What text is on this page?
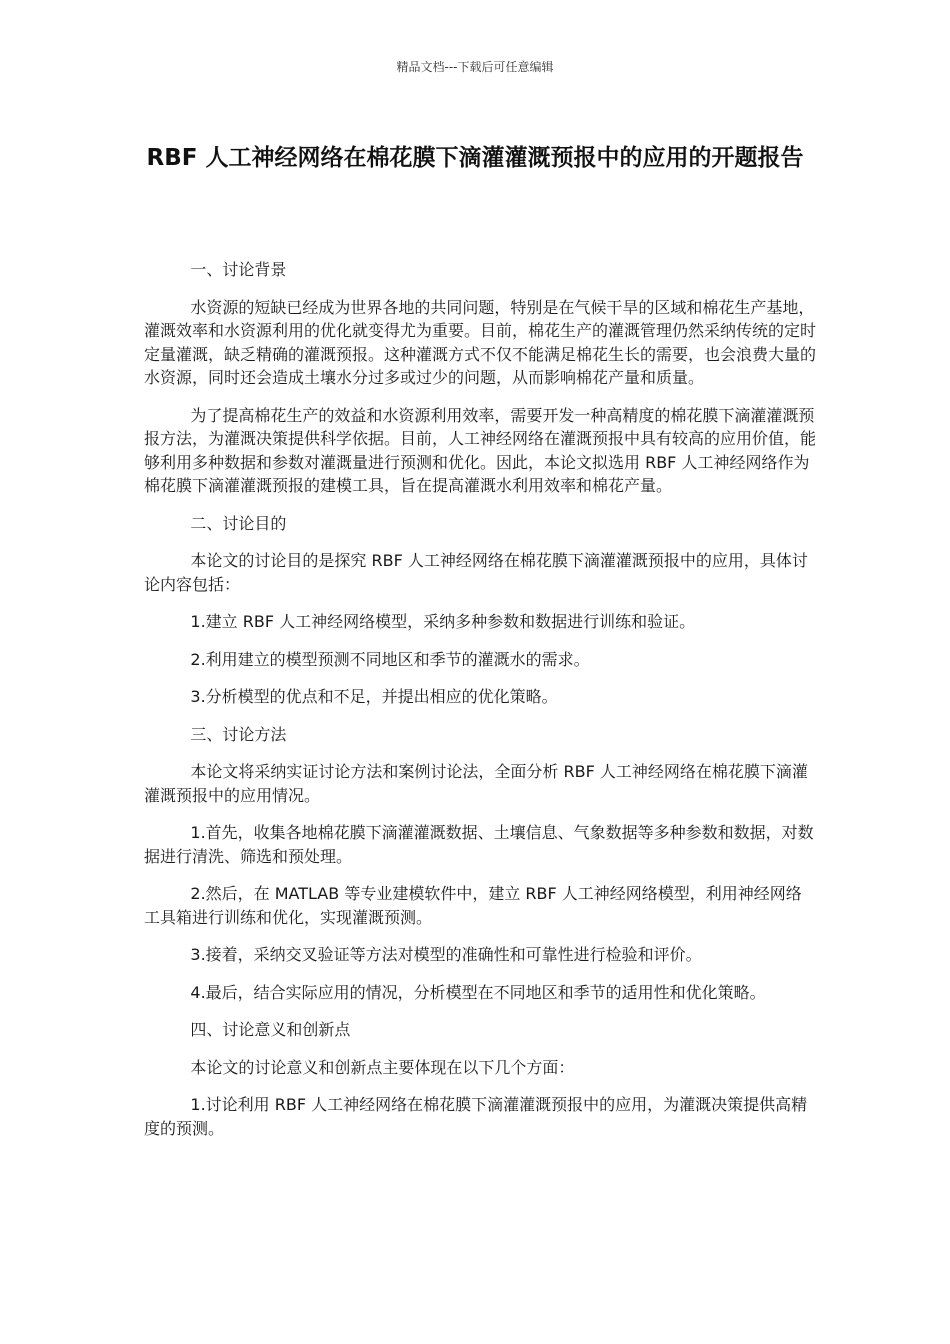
精品文档---下载后可任意编辑
RBF 人工神经网络在棉花膜下滴灌灌溉预报中的应用的开题报告

一、讨论背景

水资源的短缺已经成为世界各地的共同问题，特别是在气候干旱的区域和棉花生产基地，灌溉效率和水资源利用的优化就变得尤为重要。目前，棉花生产的灌溉管理仍然采纳传统的定时定量灌溉，缺乏精确的灌溉预报。这种灌溉方式不仅不能满足棉花生长的需要，也会浪费大量的水资源，同时还会造成土壤水分过多或过少的问题，从而影响棉花产量和质量。

为了提高棉花生产的效益和水资源利用效率，需要开发一种高精度的棉花膜下滴灌灌溉预报方法，为灌溉决策提供科学依据。目前，人工神经网络在灌溉预报中具有较高的应用价值，能够利用多种数据和参数对灌溉量进行预测和优化。因此，本论文拟选用 RBF 人工神经网络作为棉花膜下滴灌灌溉预报的建模工具，旨在提高灌溉水利用效率和棉花产量。

二、讨论目的

本论文的讨论目的是探究 RBF 人工神经网络在棉花膜下滴灌灌溉预报中的应用，具体讨论内容包括：

1.建立 RBF 人工神经网络模型，采纳多种参数和数据进行训练和验证。

2.利用建立的模型预测不同地区和季节的灌溉水的需求。

3.分析模型的优点和不足，并提出相应的优化策略。

三、讨论方法

本论文将采纳实证讨论方法和案例讨论法，全面分析 RBF 人工神经网络在棉花膜下滴灌灌溉预报中的应用情况。

1.首先，收集各地棉花膜下滴灌灌溉数据、土壤信息、气象数据等多种参数和数据，对数据进行清洗、筛选和预处理。

2.然后，在 MATLAB 等专业建模软件中，建立 RBF 人工神经网络模型，利用神经网络工具箱进行训练和优化，实现灌溉预测。

3.接着，采纳交叉验证等方法对模型的准确性和可靠性进行检验和评价。

4.最后，结合实际应用的情况，分析模型在不同地区和季节的适用性和优化策略。

四、讨论意义和创新点

本论文的讨论意义和创新点主要体现在以下几个方面：

1.讨论利用 RBF 人工神经网络在棉花膜下滴灌灌溉预报中的应用，为灌溉决策提供高精度的预测。
